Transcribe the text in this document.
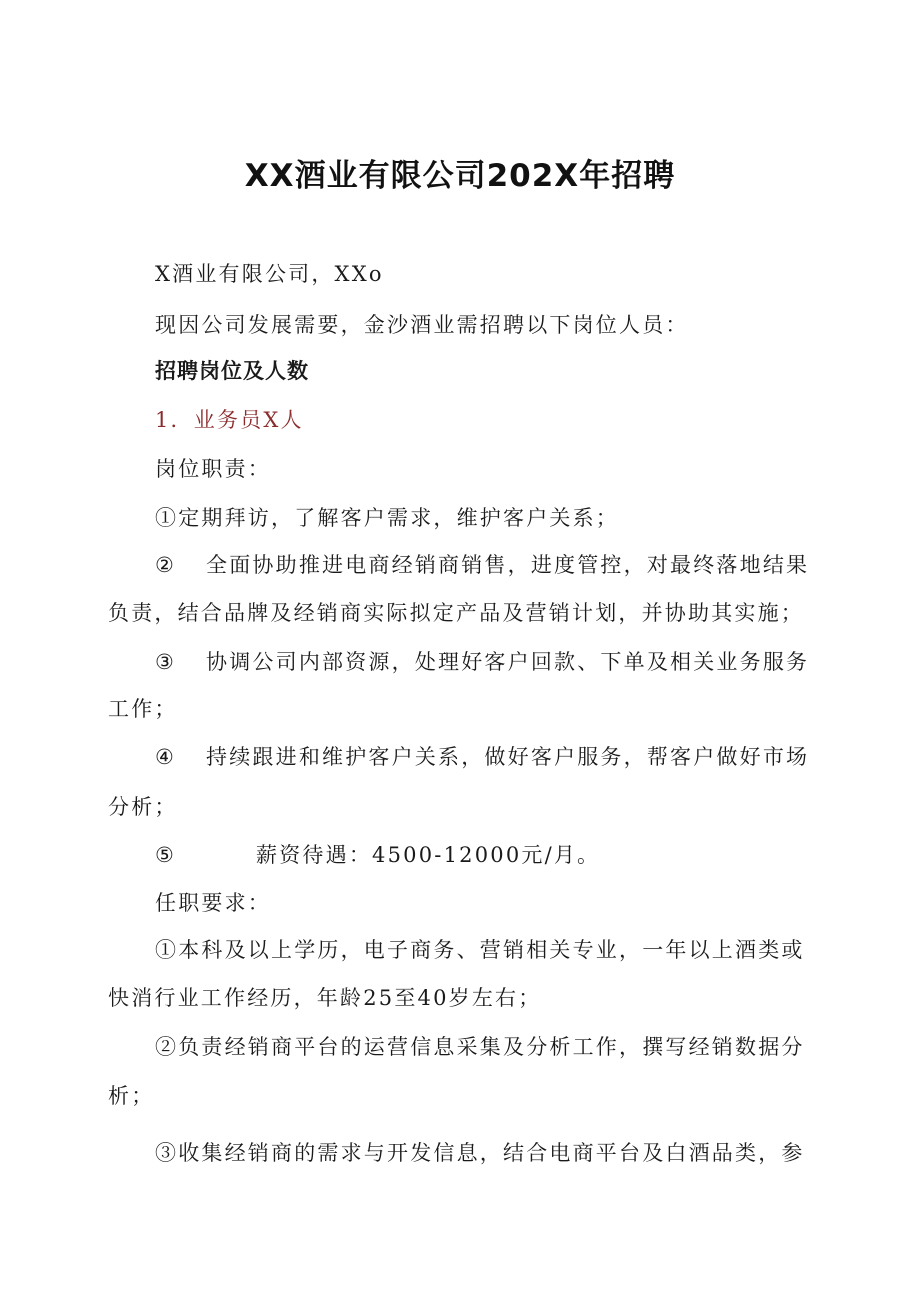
XX酒业有限公司202X年招聘
X酒业有限公司，XXo
现因公司发展需要，金沙酒业需招聘以下岗位人员：
招聘岗位及人数
1．业务员X人
岗位职责：
①定期拜访，了解客户需求，维护客户关系；
② 全面协助推进电商经销商销售，进度管控，对最终落地结果
负责，结合品牌及经销商实际拟定产品及营销计划，并协助其实施；
③ 协调公司内部资源，处理好客户回款、下单及相关业务服务
工作；
④ 持续跟进和维护客户关系，做好客户服务，帮客户做好市场
分析；
⑤	薪资待遇：4500-12000元/月。
任职要求：
①本科及以上学历，电子商务、营销相关专业，一年以上酒类或
快消行业工作经历，年龄25至40岁左右；
②负责经销商平台的运营信息采集及分析工作，撰写经销数据分
析；
③收集经销商的需求与开发信息，结合电商平台及白酒品类，参
